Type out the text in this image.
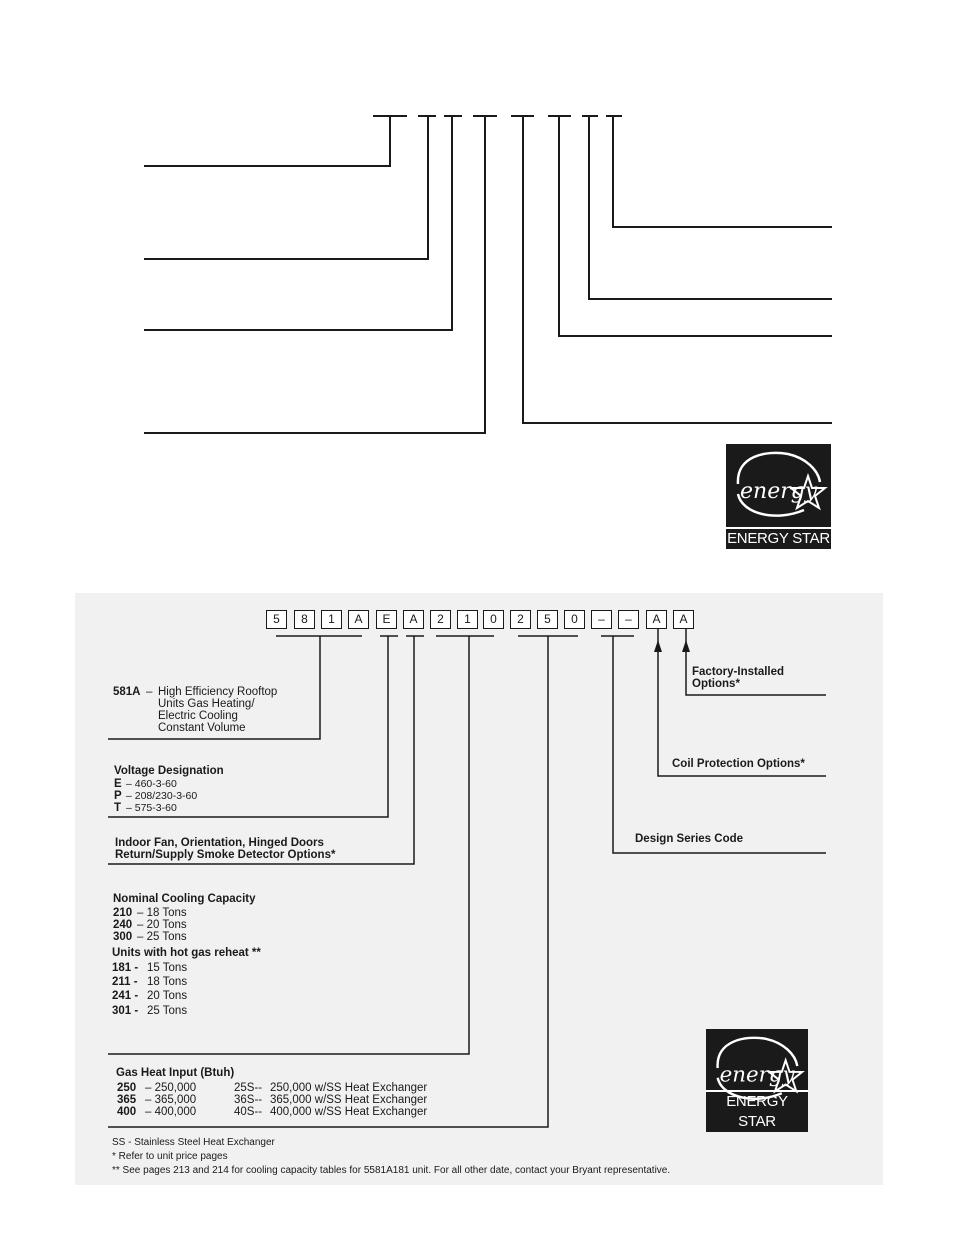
energy
ENERGY STAR
5	8	1	A	E	A	2	1	0	2	5	0	–	–	A	A
581A – High Efficiency Rooftop
Units Gas Heating/
Electric Cooling
Constant Volume
Voltage Designation
E – 460-3-60
P – 208/230-3-60
T – 575-3-60
Indoor Fan, Orientation, Hinged Doors
Return/Supply Smoke Detector Options*
Nominal Cooling Capacity
210 – 18 Tons
240 – 20 Tons
300 – 25 Tons
Units with hot gas reheat **
181 - 15 Tons
211 - 18 Tons
241 - 20 Tons
301 - 25 Tons
Gas Heat Input (Btuh)
250 – 250,000	25S-- 250,000 w/SS Heat Exchanger
365 – 365,000	36S-- 365,000 w/SS Heat Exchanger
400 – 400,000	40S-- 400,000 w/SS Heat Exchanger
Factory-Installed
Options*
Coil Protection Options*
Design Series Code
SS - Stainless Steel Heat Exchanger
* Refer to unit price pages
** See pages 213 and 214 for cooling capacity tables for 5581A181 unit. For all other date, contact your Bryant representative.
energy
ENERGY STAR
